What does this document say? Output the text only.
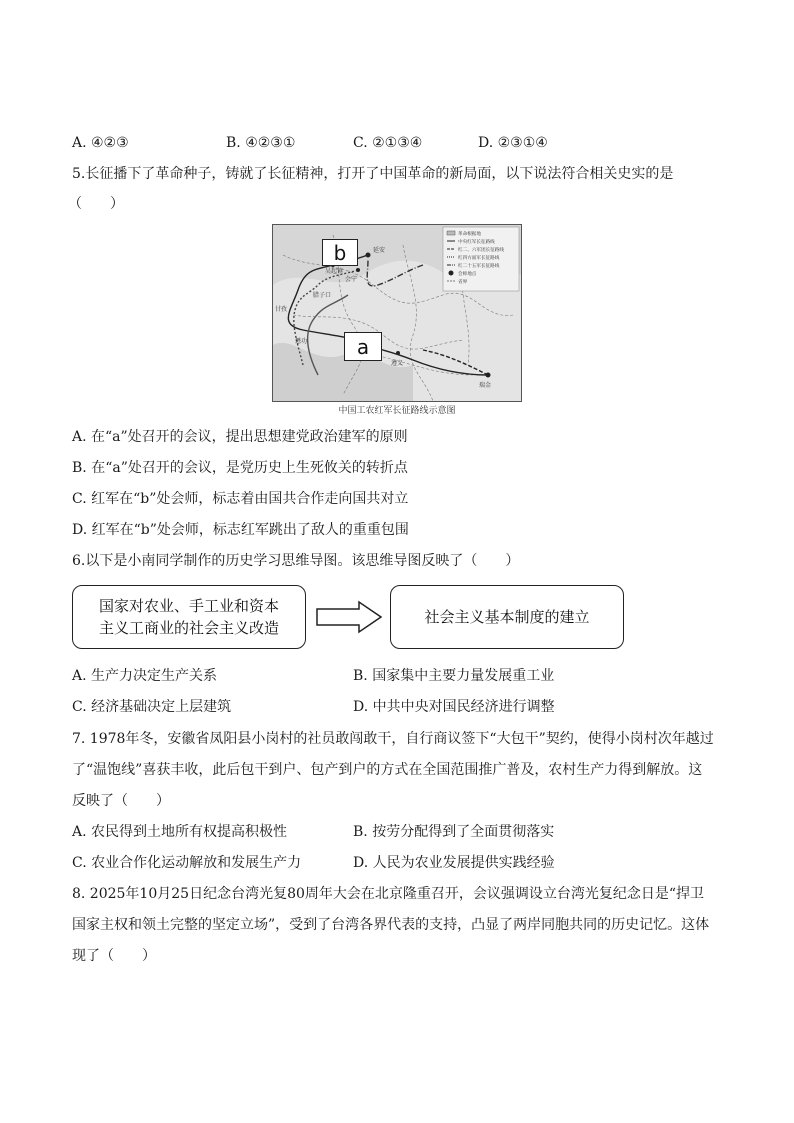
A. ④②③	B. ④②③①	C. ②①③④	D. ②③①④
5.长征播下了革命种子，铸就了长征精神，打开了中国革命的新局面，以下说法符合相关史实的是
（　　）
延安
吴起镇
甘孜
遵义
瑞金
懋功
会宁
腊子口
革命根据地
中央红军长征路线
红二、六军团长征路线
红四方面军长征路线
红二十五军长征路线
会师地点
省界
b
a
中国工农红军长征路线示意图
A. 在“a”处召开的会议，提出思想建党政治建军的原则
B. 在“a”处召开的会议，是党历史上生死攸关的转折点
C. 红军在“b”处会师，标志着由国共合作走向国共对立
D. 红军在“b”处会师，标志红军跳出了敌人的重重包围
6.以下是小南同学制作的历史学习思维导图。该思维导图反映了（　　）
国家对农业、手工业和资本
主义工商业的社会主义改造
社会主义基本制度的建立
A. 生产力决定生产关系	B. 国家集中主要力量发展重工业
C. 经济基础决定上层建筑	D. 中共中央对国民经济进行调整
7. 1978年冬，安徽省凤阳县小岗村的社员敢闯敢干，自行商议签下“大包干”契约，使得小岗村次年越过
了“温饱线”喜获丰收，此后包干到户、包产到户的方式在全国范围推广普及，农村生产力得到解放。这
反映了（　　）
A. 农民得到土地所有权提高积极性	B. 按劳分配得到了全面贯彻落实
C. 农业合作化运动解放和发展生产力	D. 人民为农业发展提供实践经验
8. 2025年10月25日纪念台湾光复80周年大会在北京隆重召开，会议强调设立台湾光复纪念日是“捍卫
国家主权和领土完整的坚定立场”，受到了台湾各界代表的支持，凸显了两岸同胞共同的历史记忆。这体
现了（　　）
